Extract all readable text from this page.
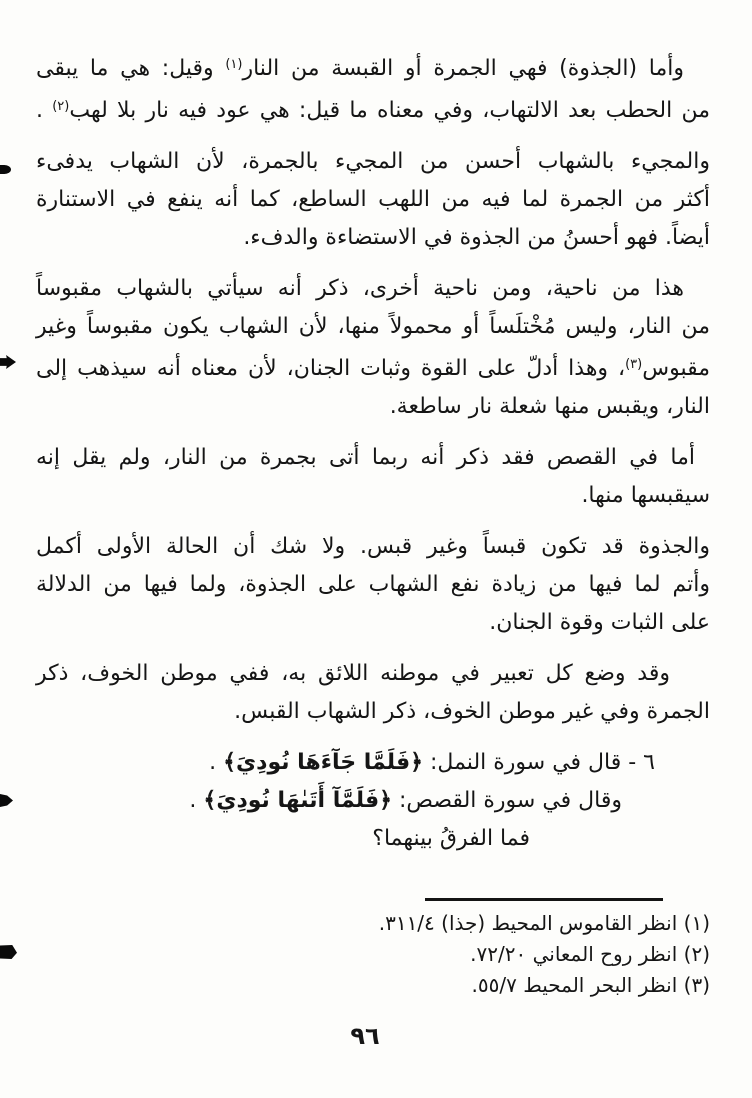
وأما (الجذوة) فهي الجمرة أو القبسة من النار$^{(١)}$ وقيل: هي ما يبقى
من الحطب بعد الالتهاب، وفي معناه ما قيل: هي عود فيه نار بلا لهب$^{(٢)}$ .
والمجيء بالشهاب أحسن من المجيء بالجمرة، لأن الشهاب يدفىء
أكثر من الجمرة لما فيه من اللهب الساطع، كما أنه ينفع في الاستنارة
أيضاً. فهو أحسنُ من الجذوة في الاستضاءة والدفء.
هذا من ناحية، ومن ناحية أخرى، ذكر أنه سيأتي بالشهاب مقبوساً
من النار، وليس مُخْتلَساً أو محمولاً منها، لأن الشهاب يكون مقبوساً وغير
مقبوس$^{(٣)}$، وهذا أدلّ على القوة وثبات الجنان، لأن معناه أنه سيذهب إلى
النار، ويقبس منها شعلة نار ساطعة.
أما في القصص فقد ذكر أنه ربما أتى بجمرة من النار، ولم يقل إنه
سيقبسها منها.
والجذوة قد تكون قبساً وغير قبس. ولا شك أن الحالة الأولى أكمل
وأتم لما فيها من زيادة نفع الشهاب على الجذوة، ولما فيها من الدلالة
على الثبات وقوة الجنان.
وقد وضع كل تعبير في موطنه اللائق به، ففي موطن الخوف، ذكر
الجمرة وفي غير موطن الخوف، ذكر الشهاب القبس.
٦ - قال في سورة النمل: ﴿فَلَمَّا جَآءَهَا نُودِيَ﴾ .
وقال في سورة القصص: ﴿فَلَمَّآ أَتَىٰهَا نُودِيَ﴾ .
فما الفرقُ بينهما؟
(١) انظر القاموس المحيط (جذا) ٣١١/٤.
(٢) انظر روح المعاني ٧٢/٢٠.
(٣) انظر البحر المحيط ٥٥/٧.
٩٦
